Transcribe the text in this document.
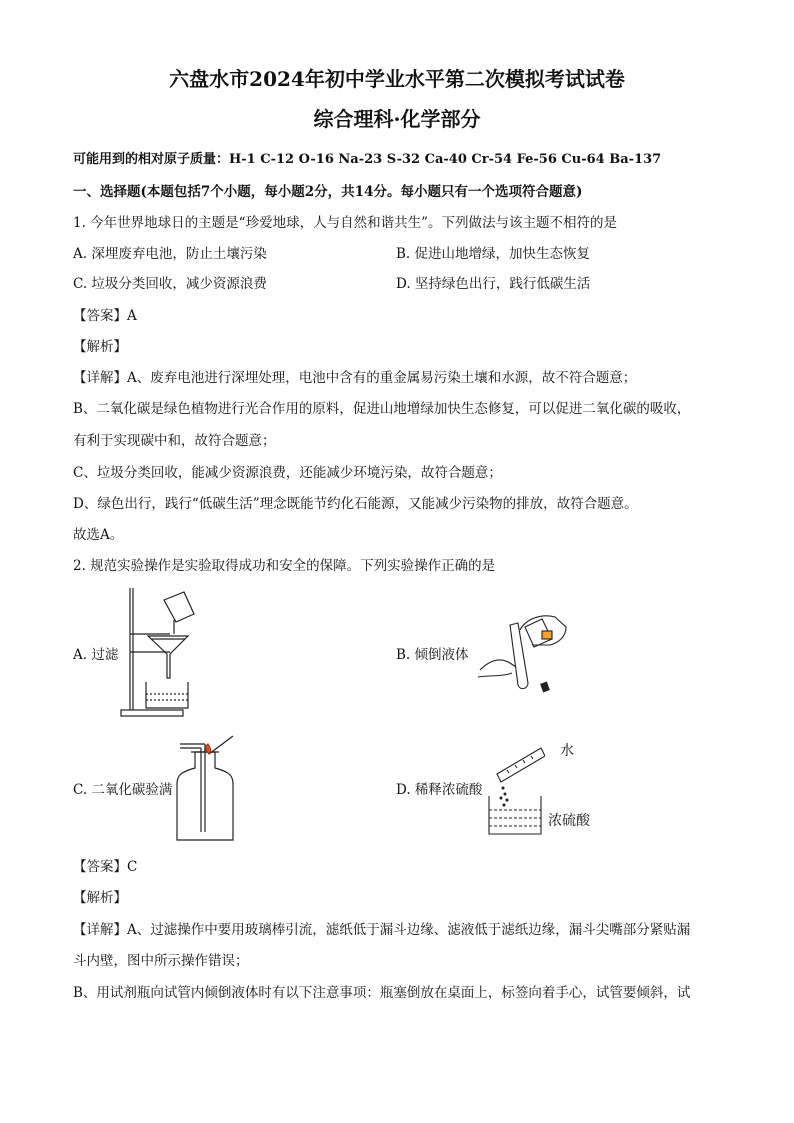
六盘水市2024年初中学业水平第二次模拟考试试卷
综合理科·化学部分
可能用到的相对原子质量：H-1 C-12 O-16 Na-23 S-32 Ca-40 Cr-54 Fe-56 Cu-64 Ba-137
一、选择题(本题包括7个小题，每小题2分，共14分。每小题只有一个选项符合题意)
1. 今年世界地球日的主题是“珍爱地球，人与自然和谐共生”。下列做法与该主题不相符的是
A. 深埋废弃电池，防止土壤污染	B. 促进山地增绿，加快生态恢复
C. 垃圾分类回收，减少资源浪费	D. 坚持绿色出行，践行低碳生活
【答案】A
【解析】
【详解】A、废弃电池进行深埋处理，电池中含有的重金属易污染土壤和水源，故不符合题意；
B、二氧化碳是绿色植物进行光合作用的原料，促进山地增绿加快生态修复，可以促进二氧化碳的吸收，
有利于实现碳中和，故符合题意；
C、垃圾分类回收，能减少资源浪费，还能减少环境污染，故符合题意；
D、绿色出行，践行“低碳生活”理念既能节约化石能源，又能减少污染物的排放，故符合题意。
故选A。
2. 规范实验操作是实验取得成功和安全的保障。下列实验操作正确的是
A. 过滤	B. 倾倒液体
C. 二氧化碳验满	D. 稀释浓硫酸
水
浓硫酸
【答案】C
【解析】
【详解】A、过滤操作中要用玻璃棒引流，滤纸低于漏斗边缘、滤液低于滤纸边缘，漏斗尖嘴部分紧贴漏
斗内壁，图中所示操作错误；
B、用试剂瓶向试管内倾倒液体时有以下注意事项：瓶塞倒放在桌面上，标签向着手心，试管要倾斜，试
